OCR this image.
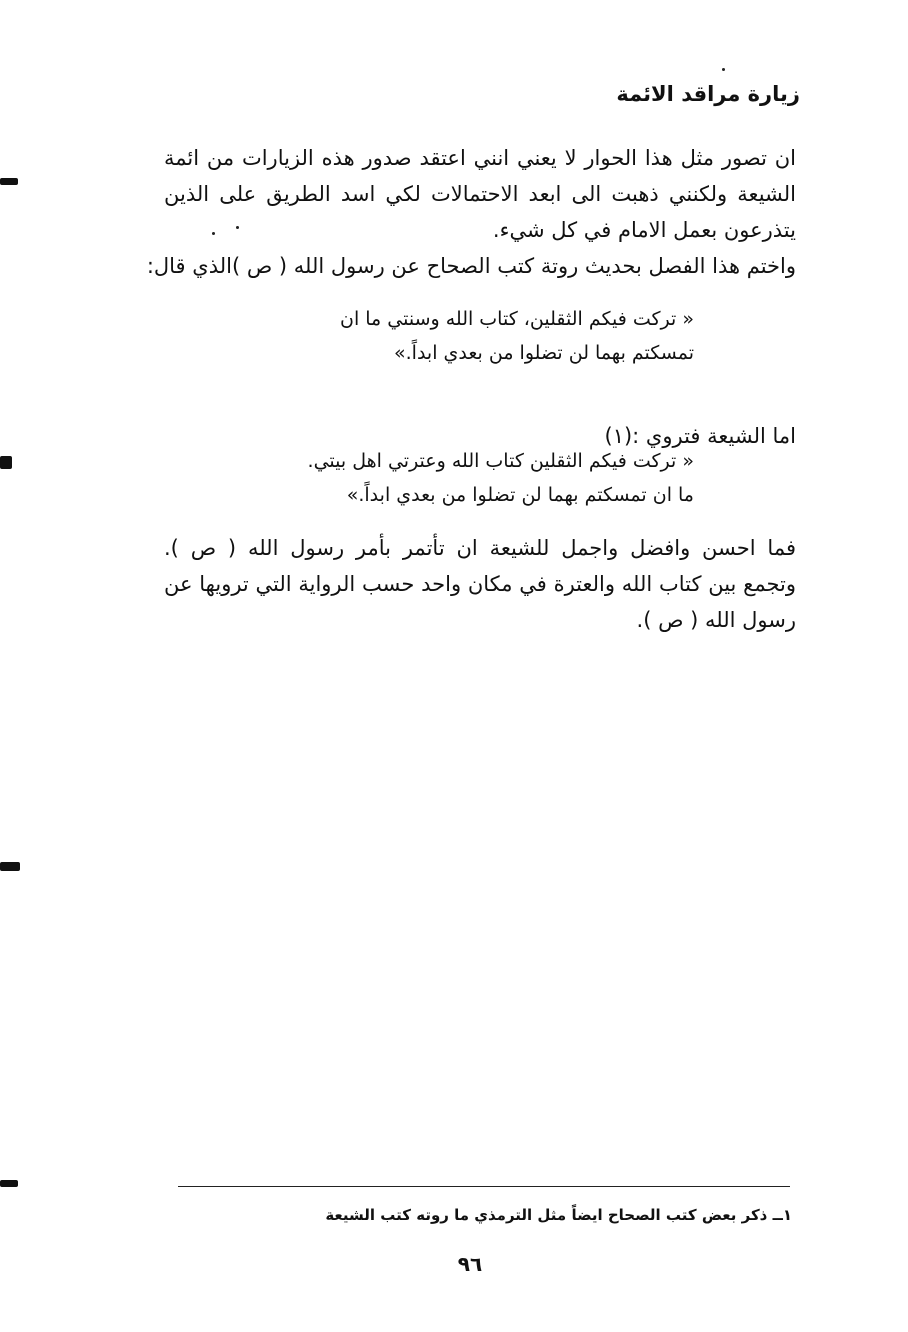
زيارة مراقد الائمة
ان تصور مثل هذا الحوار لا يعني انني اعتقد صدور هذه الزيارات من ائمة
الشيعة ولكنني ذهبت الى ابعد الاحتمالات لكي اسد الطريق على الذين
يتذرعون بعمل الامام في كل شيء.
واختم هذا الفصل بحديث روتة كتب الصحاح عن رسول الله ( ص )الذي قال:
« تركت فيكم الثقلين، كتاب الله وسنتي ما ان
تمسكتم بهما لن تضلوا من بعدي ابداً.»
اما الشيعة فتروي :(١)
« تركت فيكم الثقلين كتاب الله وعترتي اهل بيتي.
ما ان تمسكتم بهما لن تضلوا من بعدي ابداً.»
فما احسن وافضل واجمل للشيعة ان تأتمر بأمر رسول الله ( ص ).
وتجمع بين كتاب الله والعترة في مكان واحد حسب الرواية التي ترويها عن
رسول الله ( ص ).
١ــ ذكر بعض كتب الصحاح ايضاً مثل الترمذي ما روته كتب الشيعة
٩٦
